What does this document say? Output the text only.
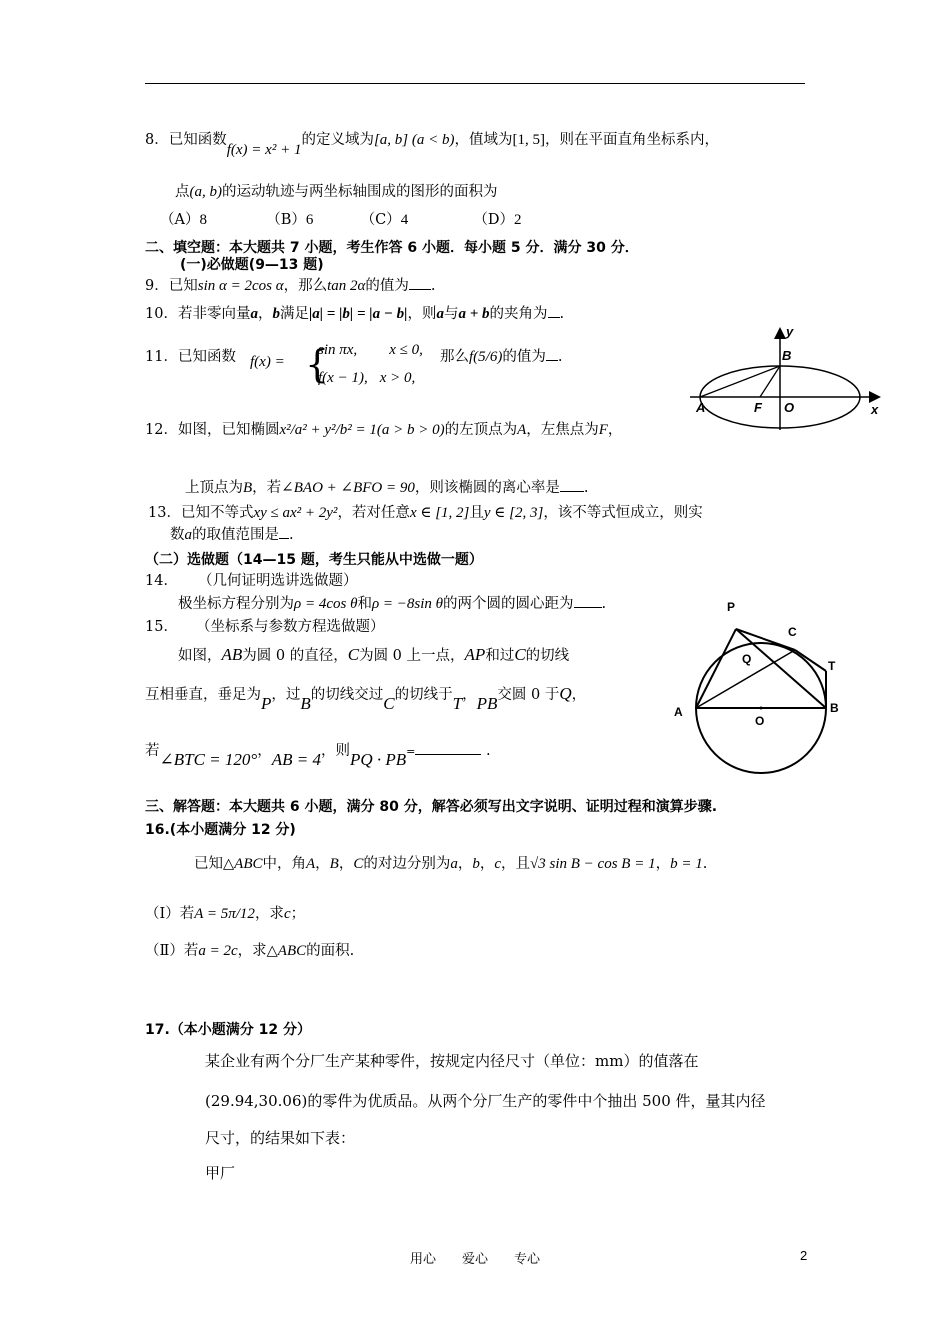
8．已知函数f(x) = x² + 1的定义域为[a, b] (a < b)，值域为[1, 5]，则在平面直角坐标系内，
点(a, b)的运动轨迹与两坐标轴围成的图形的面积为
（A）8	（B）6	（C）4	（D）2
二、填空题：本大题共 7 小题，考生作答 6 小题．每小题 5 分．满分 30 分．
(一)必做题(9—13 题)
9．已知sin α = 2cos α，那么tan 2α的值为 .
10．若非零向量a，b满足|a| = |b| = |a − b|，则a与a + b的夹角为 .
11．已知函数 f(x) = {
sin πx, x ≤ 0,
f(x − 1), x > 0,
那么f(5/6)的值为 .
12．如图，已知椭圆x²/a² + y²/b² = 1(a > b > 0)的左顶点为A，左焦点为F，
上顶点为B，若∠BAO + ∠BFO = 90，则该椭圆的离心率是 .
13．已知不等式xy ≤ ax² + 2y²，若对任意x ∈ [1, 2]且y ∈ [2, 3]，该不等式恒成立，则实
数a的取值范围是 .
（二）选做题（14—15 题，考生只能从中选做一题）
14． （几何证明选讲选做题）
极坐标方程分别为ρ = 4cos θ和ρ = −8sin θ的两个圆的圆心距为 .
15． （坐标系与参数方程选做题）
如图，AB为圆 0 的直径，C为圆 0 上一点，AP和过C的切线
互相垂直，垂足为P，过B的切线交过C的切线于T，PB交圆 0 于Q，
若∠BTC = 120°，AB = 4，则PQ · PB=	.
x
y
A	F O
B
P
C
Q	T
A
O
B
三、解答题：本大题共 6 小题，满分 80 分，解答必须写出文字说明、证明过程和演算步骤.
16.(本小题满分 12 分)
已知△ABC中，角A，B，C的对边分别为a，b，c，且√3 sin B − cos B = 1，b = 1.
（Ⅰ）若A = 5π/12，求c；
（Ⅱ）若a = 2c，求△ABC的面积.
17.（本小题满分 12 分）
某企业有两个分厂生产某种零件，按规定内径尺寸（单位：mm）的值落在
(29.94,30.06)的零件为优质品。从两个分厂生产的零件中个抽出 500 件，量其内径
尺寸，的结果如下表：
甲厂
用心　　爱心　　专心	2
